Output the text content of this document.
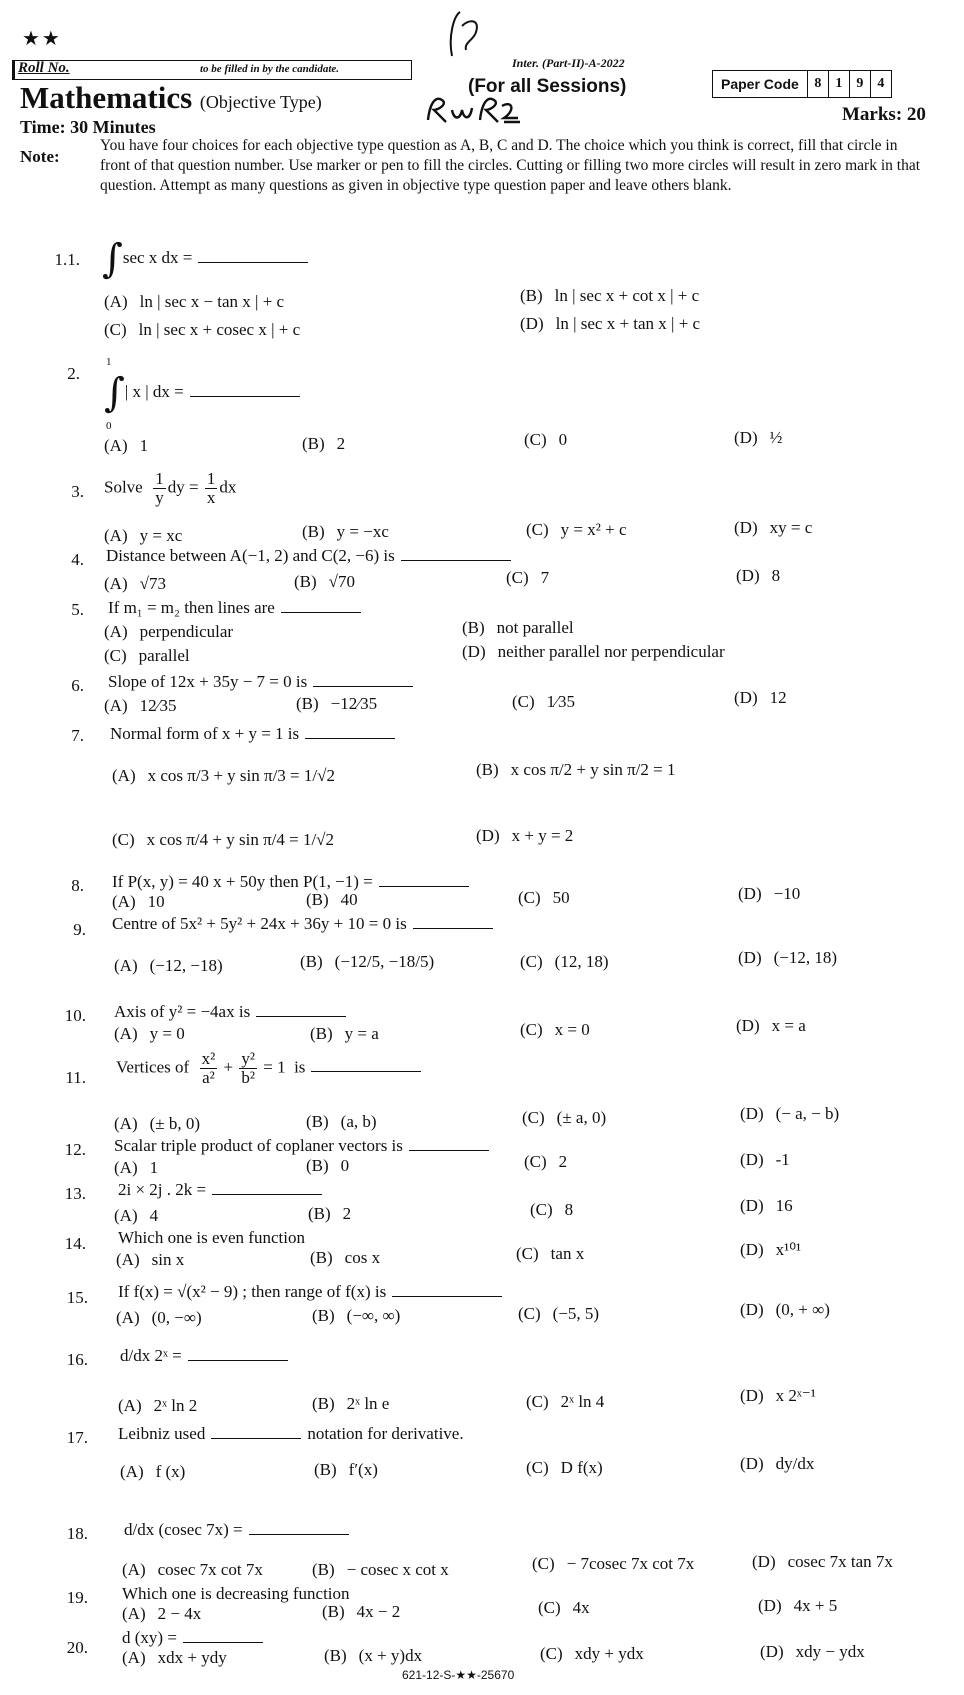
★★
Roll No.	to be filled in by the candidate.	Inter. (Part-II)-A-2022
(For all Sessions)	Paper Code	8	1	9	4
Mathematics (Objective Type)
Time: 30 Minutes
Marks: 20
Note:
You have four choices for each objective type question as A, B, C and D. The choice which you think is correct, fill that circle in front of that question number. Use marker or pen to fill the circles. Cutting or filling two more circles will result in zero mark in that question. Attempt as many questions as given in objective type question paper and leave others blank.
1.1. ∫sec x dx =
(A) ln | sec x − tan x | + c	(B) ln | sec x + cot x | + c
(C) ln | sec x + cosec x | + c	(D) ln | sec x + tan x | + c
2.
1
∫| x | dx =
0
(A) 1	(B) 2	(C) 0	(D) ½
3. Solve $\frac{1}{y}$ dy = $\frac{1}{x}$ dx
(A) y = xc	(B) y = −xc	(C) y = x² + c	(D) xy = c
4. Distance between A(−1, 2) and C(2, −6) is
(A) √73	(B) √70	(C) 7	(D) 8
5. If m₁ = m₂ then lines are
(A) perpendicular	(B) not parallel
(C) parallel	(D) neither parallel nor perpendicular
6. Slope of 12x + 35y − 7 = 0 is
(A) 12⁄35	(B) −12⁄35	(C) 1⁄35	(D) 12
7. Normal form of x + y = 1 is
(A) x cos π/3 + y sin π/3 = 1/√2	(B) x cos π/2 + y sin π/2 = 1
(C) x cos π/4 + y sin π/4 = 1/√2	(D) x + y = 2
8. If P(x, y) = 40 x + 50y then P(1, −1) =
(A) 10	(B) 40	(C) 50	(D) −10
9. Centre of 5x² + 5y² + 24x + 36y + 10 = 0 is
(A) (−12, −18)	(B) (−12/5, −18/5)	(C) (12, 18)	(D) (−12, 18)
10. Axis of y² = −4ax is
(A) y = 0	(B) y = a	(C) x = 0	(D) x = a
11.
Vertices of $\frac{\text{x²}}{\text{a²}} + \frac{\text{y²}}{\text{b²}} = 1$  is
(A) (± b, 0)	(B) (a, b)	(C) (± a, 0)	(D) (− a, − b)
12. Scalar triple product of coplaner vectors is
(A) 1	(B) 0	(C) 2	(D) -1
13. 2i × 2j . 2k =
(A) 4	(B) 2	(C) 8	(D) 16
14. Which one is even function
(A) sin x	(B) cos x	(C) tan x	(D) x¹⁰¹
15. If f(x) = √(x² − 9) ; then range of f(x) is
(A) (0, −∞)	(B) (−∞, ∞)	(C) (−5, 5)	(D) (0, + ∞)
16. d/dx 2ˣ =
(A) 2ˣ ln 2	(B) 2ˣ ln e	(C) 2ˣ ln 4	(D) x 2ˣ⁻¹
17. Leibniz used	notation for derivative.
(A) f (x)	(B) f′(x)	(C) D f(x)	(D) dy/dx
18. d/dx (cosec 7x) =
(A) cosec 7x cot 7x	(B) − cosec x cot x	(C) − 7cosec 7x cot 7x	(D) cosec 7x tan 7x
19. Which one is decreasing function
(A) 2 − 4x	(B) 4x − 2	(C) 4x	(D) 4x + 5
20.
d (xy) =
(A) xdx + ydy	(B) (x + y)dx	(C) xdy + ydx	(D) xdy − ydx
621-12-S-★★-25670
